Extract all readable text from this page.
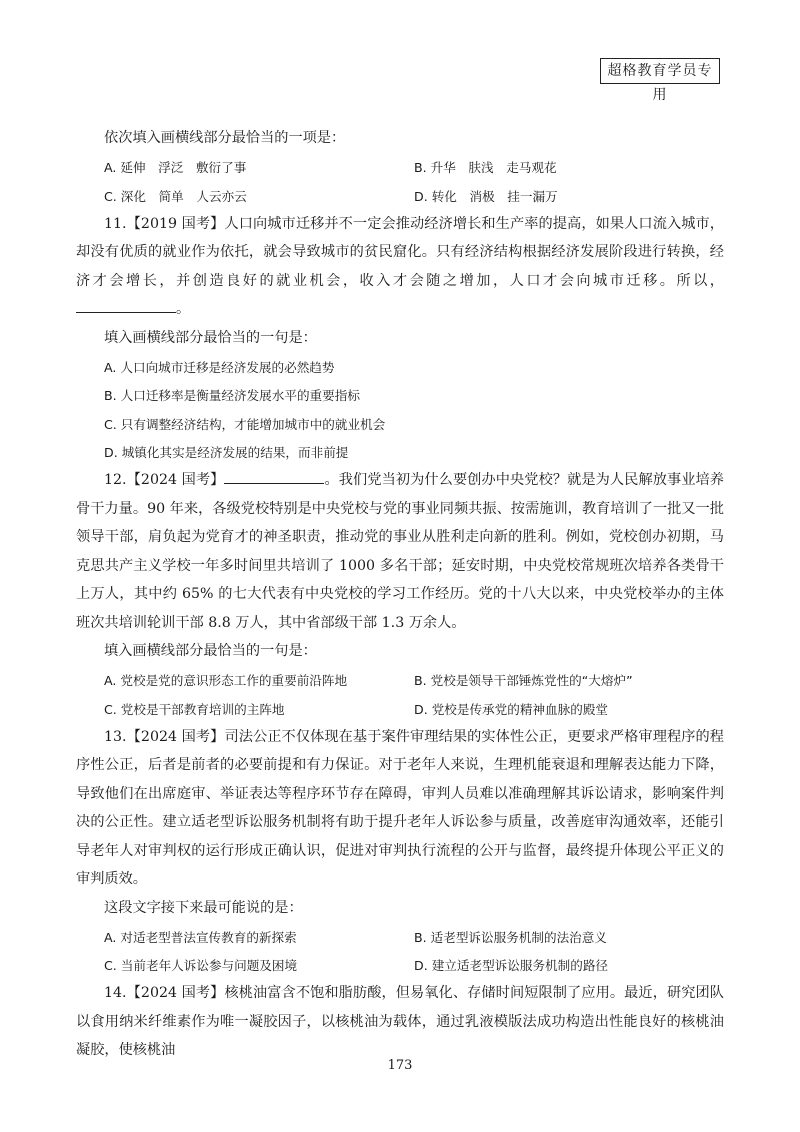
超格教育学员专用

依次填入画横线部分最恰当的一项是：

A. 延伸　浮泛　敷衍了事	B. 升华　肤浅　走马观花
C. 深化　简单　人云亦云	D. 转化　消极　挂一漏万

11.【2019 国考】人口向城市迁移并不一定会推动经济增长和生产率的提高，如果人口流入城市，却没有优质的就业作为依托，就会导致城市的贫民窟化。只有经济结构根据经济发展阶段进行转换，经济才会增长，并创造良好的就业机会，收入才会随之增加，人口才会向城市迁移。所以，。

填入画横线部分最恰当的一句是：

A. 人口向城市迁移是经济发展的必然趋势
B. 人口迁移率是衡量经济发展水平的重要指标
C. 只有调整经济结构，才能增加城市中的就业机会
D. 城镇化其实是经济发展的结果，而非前提

12.【2024 国考】	。我们党当初为什么要创办中央党校？就是为人民解放事业培养骨干力量。90 年来，各级党校特别是中央党校与党的事业同频共振、按需施训，教育培训了一批又一批领导干部，肩负起为党育才的神圣职责，推动党的事业从胜利走向新的胜利。例如，党校创办初期，马克思共产主义学校一年多时间里共培训了 1000 多名干部；延安时期，中央党校常规班次培养各类骨干上万人，其中约 65% 的七大代表有中央党校的学习工作经历。党的十八大以来，中央党校举办的主体班次共培训轮训干部 8.8 万人，其中省部级干部 1.3 万余人。

填入画横线部分最恰当的一句是：

A. 党校是党的意识形态工作的重要前沿阵地	B. 党校是领导干部锤炼党性的“大熔炉”
C. 党校是干部教育培训的主阵地	D. 党校是传承党的精神血脉的殿堂

13.【2024 国考】司法公正不仅体现在基于案件审理结果的实体性公正，更要求严格审理程序的程序性公正，后者是前者的必要前提和有力保证。对于老年人来说，生理机能衰退和理解表达能力下降，导致他们在出席庭审、举证表达等程序环节存在障碍，审判人员难以准确理解其诉讼请求，影响案件判决的公正性。建立适老型诉讼服务机制将有助于提升老年人诉讼参与质量，改善庭审沟通效率，还能引导老年人对审判权的运行形成正确认识，促进对审判执行流程的公开与监督，最终提升体现公平正义的审判质效。

这段文字接下来最可能说的是：

A. 对适老型普法宣传教育的新探索	B. 适老型诉讼服务机制的法治意义
C. 当前老年人诉讼参与问题及困境	D. 建立适老型诉讼服务机制的路径

14.【2024 国考】核桃油富含不饱和脂肪酸，但易氧化、存储时间短限制了应用。最近，研究团队以食用纳米纤维素作为唯一凝胶因子，以核桃油为载体，通过乳液模版法成功构造出性能良好的核桃油凝胶，使核桃油

173
